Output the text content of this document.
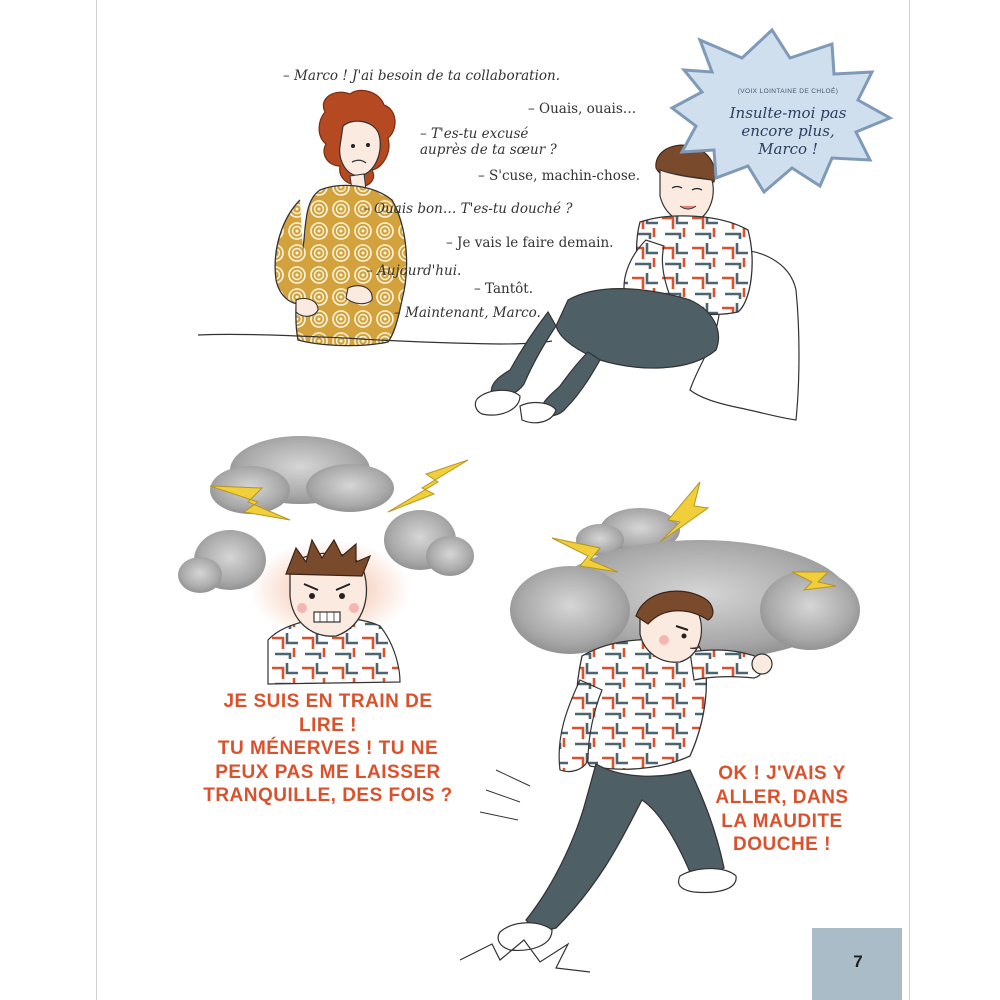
– Marco ! J'ai besoin de ta collaboration.
– Ouais, ouais…
– T'es-tu excusé auprès de ta sœur ?
– S'cuse, machin-chose.
– Ouais bon… T'es-tu douché ?
– Je vais le faire demain.
– Aujourd'hui.
– Tantôt.
– Maintenant, Marco.
(VOIX LOINTAINE DE CHLOÉ)
Insulte-moi pas
encore plus,
Marco !
JE SUIS EN TRAIN DE LIRE !
TU MÉNERVES ! TU NE
PEUX PAS ME LAISSER
TRANQUILLE, DES FOIS ?
OK ! J'VAIS Y
ALLER, DANS
LA MAUDITE
DOUCHE !
7
